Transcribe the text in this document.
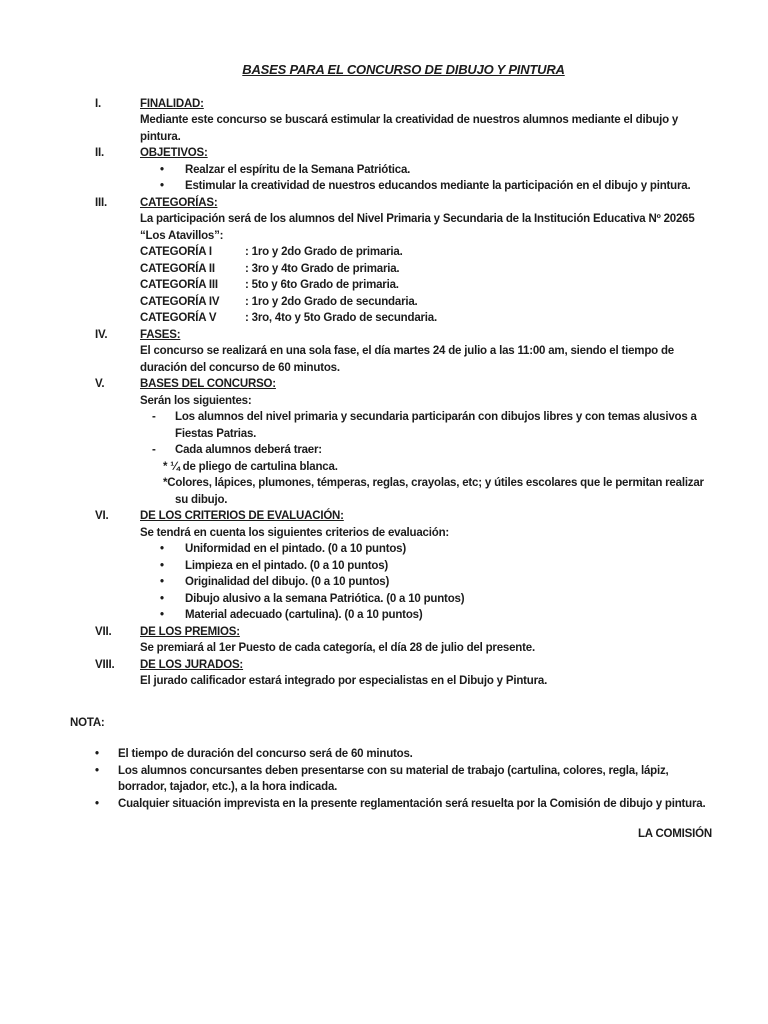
BASES PARA EL CONCURSO DE DIBUJO Y PINTURA
I.	FINALIDAD:

Mediante este concurso se buscará estimular la creatividad de nuestros alumnos mediante el dibujo y pintura.

II.	OBJETIVOS:
• Realzar el espíritu de la Semana Patriótica.
• Estimular la creatividad de nuestros educandos mediante la participación en el dibujo y pintura.
III.	CATEGORÍAS:

La participación será de los alumnos del Nivel Primaria y Secundaria de la Institución Educativa Nº 20265 “Los Atavillos”:

CATEGORÍA I	: 1ro y 2do Grado de primaria.
CATEGORÍA II	: 3ro y 4to Grado de primaria.
CATEGORÍA III	: 5to y 6to Grado de primaria.
CATEGORÍA IV	: 1ro y 2do Grado de secundaria.
CATEGORÍA V	: 3ro, 4to y 5to Grado de secundaria.
IV.	FASES:

El concurso se realizará en una sola fase, el día martes 24 de julio a las 11:00 am, siendo el tiempo de duración del concurso de 60 minutos.

V.	BASES DEL CONCURSO:

Serán los siguientes:

- Los alumnos del nivel primaria y secundaria participarán con dibujos libres y con temas alusivos a Fiestas Patrias.
- Cada alumnos deberá traer:
* ¼ de pliego de cartulina blanca.
*Colores, lápices, plumones, témperas, reglas, crayolas, etc; y útiles escolares que le permitan realizar su dibujo.
VI.	DE LOS CRITERIOS DE EVALUACIÓN:

Se tendrá en cuenta los siguientes criterios de evaluación:

• Uniformidad en el pintado. (0 a 10 puntos)
• Limpieza en el pintado. (0 a 10 puntos)
• Originalidad del dibujo. (0 a 10 puntos)
• Dibujo alusivo a la semana Patriótica. (0 a 10 puntos)
• Material adecuado (cartulina). (0 a 10 puntos)
VII.	DE LOS PREMIOS:

Se premiará al 1er Puesto de cada categoría, el día 28 de julio del presente.

VIII.	DE LOS JURADOS:

El jurado calificador estará integrado por especialistas en el Dibujo y Pintura.

NOTA:

• El tiempo de duración del concurso será de 60 minutos.
• Los alumnos concursantes deben presentarse con su material de trabajo (cartulina, colores, regla, lápiz, borrador, tajador, etc.), a la hora indicada.
• Cualquier situación imprevista en la presente reglamentación será resuelta por la Comisión de dibujo y pintura.
LA COMISIÓN
